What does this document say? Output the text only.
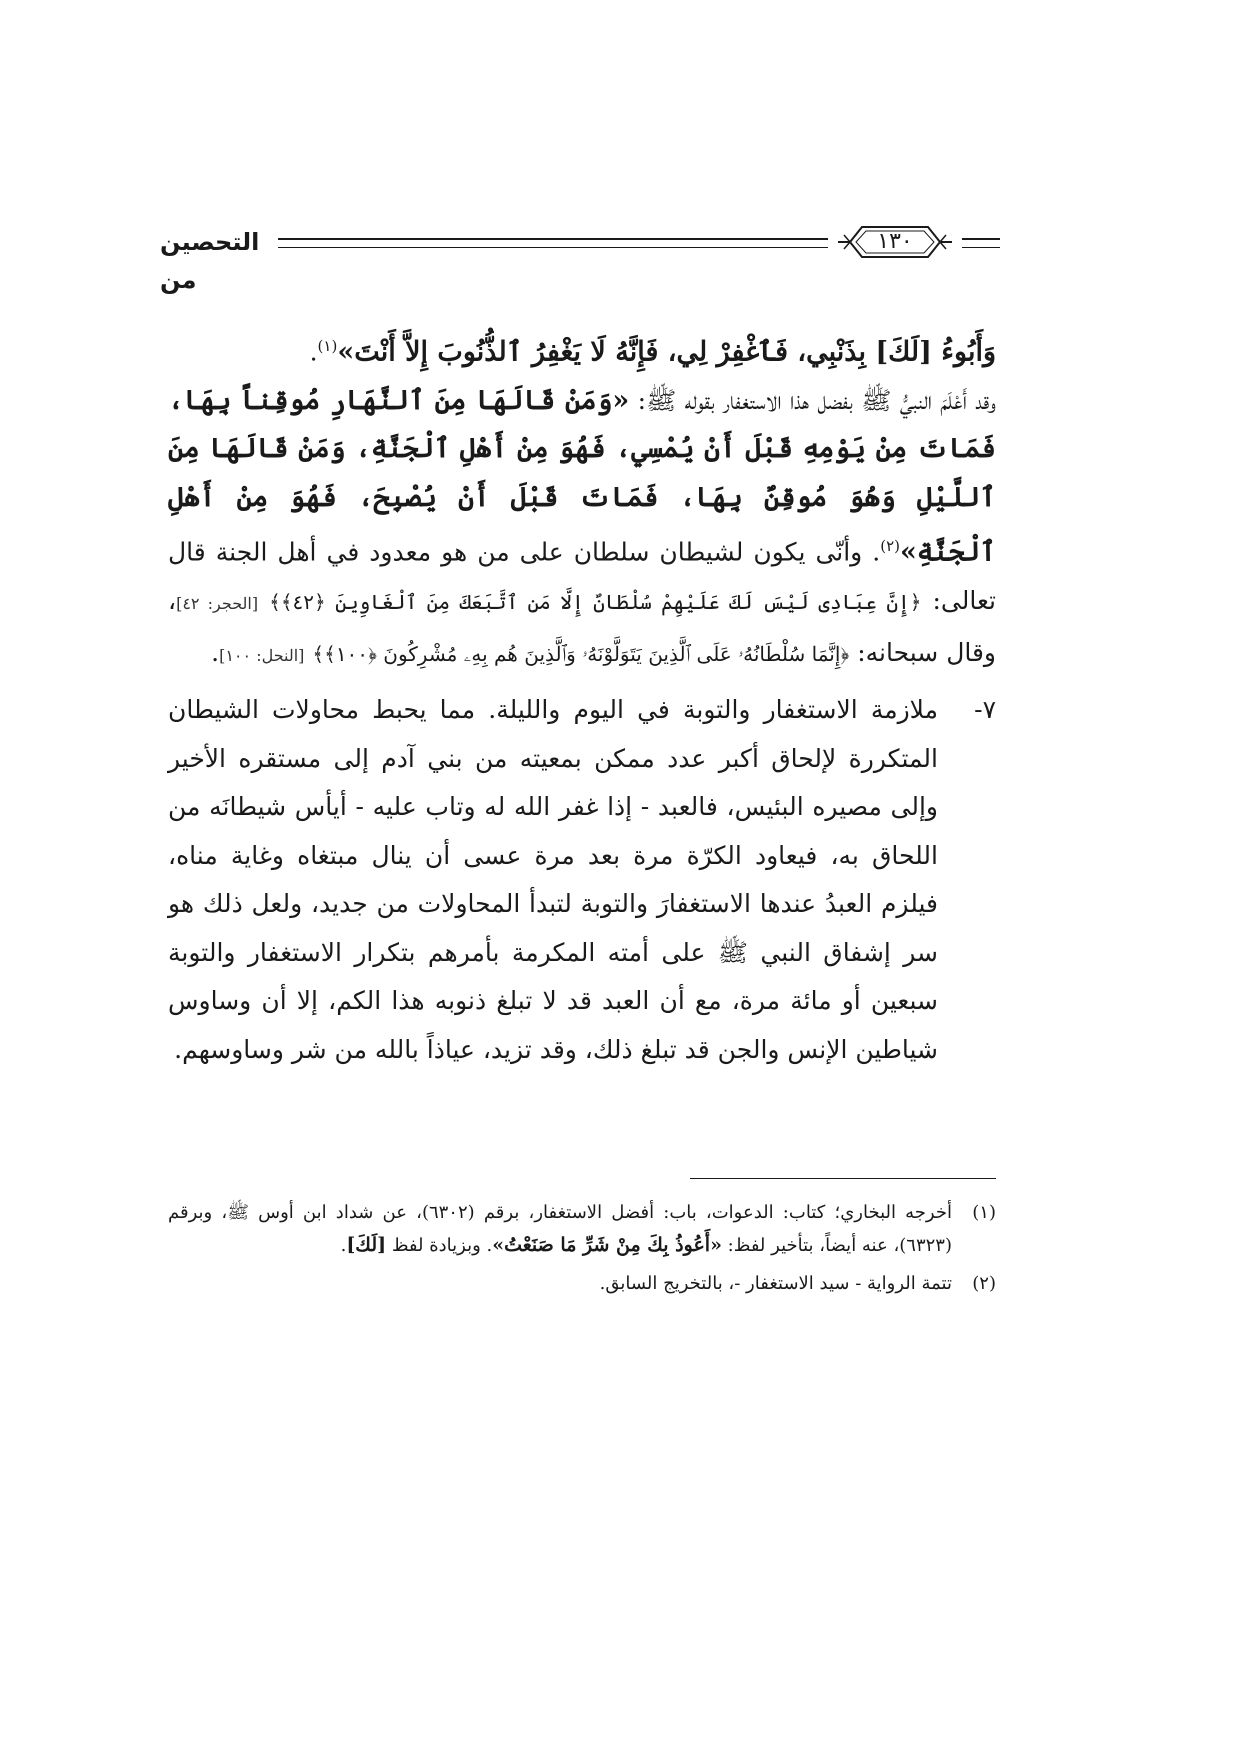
التحصين من
١٣٠

وَأَبُوءُ [لَكَ] بِذَنْبِي، فَٱغْفِرْ لِي، فَإِنَّهُ لَا يَغْفِرُ ٱلذُّنُوبَ إِلاَّ أَنْتَ»$^{(١)}$.

وقد أَعْلَمَ النبيُّ ﷺ بفضل هذا الاستغفار بقوله ﷺ: «وَمَنْ قَالَهَا مِنَ ٱلنَّهَارِ مُوقِناً بِهَا، فَمَاتَ مِنْ يَوْمِهِ قَبْلَ أَنْ يُمْسِي، فَهُوَ مِنْ أَهْلِ ٱلْجَنَّةِ، وَمَنْ قَالَهَا مِنَ ٱللَّيْلِ وَهُوَ مُوقِنٌ بِهَا، فَمَاتَ قَبْلَ أَنْ يُصْبِحَ، فَهُوَ مِنْ أَهْلِ ٱلْجَنَّةِ»$^{(٢)}$. وأنّى يكون لشيطان سلطان على من هو معدود في أهل الجنة قال تعالى: ﴿إِنَّ عِبَادِى لَيْسَ لَكَ عَلَيْهِمْ سُلْطَانٌ إِلَّا مَنِ ٱتَّبَعَكَ مِنَ ٱلْغَاوِينَ ﴿٤٢﴾﴾ [الحجر: ٤٢]، وقال سبحانه: ﴿إِنَّمَا سُلْطَانُهُۥ عَلَى ٱلَّذِينَ يَتَوَلَّوْنَهُۥ وَٱلَّذِينَ هُم بِهِۦ مُشْرِكُونَ ﴿١٠٠﴾﴾ [النحل: ١٠٠].

٧-
ملازمة الاستغفار والتوبة في اليوم والليلة. مما يحبط محاولات الشيطان المتكررة لإلحاق أكبر عدد ممكن بمعيته من بني آدم إلى مستقره الأخير وإلى مصيره البئيس، فالعبد - إذا غفر الله له وتاب عليه - أيأس شيطانَه من اللحاق به، فيعاود الكرّة مرة بعد مرة عسى أن ينال مبتغاه وغاية مناه، فيلزم العبدُ عندها الاستغفارَ والتوبة لتبدأ المحاولات من جديد، ولعل ذلك هو سر إشفاق النبي ﷺ على أمته المكرمة بأمرهم بتكرار الاستغفار والتوبة سبعين أو مائة مرة، مع أن العبد قد لا تبلغ ذنوبه هذا الكم، إلا أن وساوس شياطين الإنس والجن قد تبلغ ذلك، وقد تزيد، عياذاً بالله من شر وساوسهم.
(١)
أخرجه البخاري؛ كتاب: الدعوات، باب: أفضل الاستغفار، برقم (٦٣٠٢)، عن شداد ابن أوس ﷺ، وبرقم (٦٣٢٣)، عنه أيضاً، بتأخير لفظ: «أَعُوذُ بِكَ مِنْ شَرِّ مَا صَنَعْتُ». وبزيادة لفظ [لَكَ].
(٢)
تتمة الرواية - سيد الاستغفار -، بالتخريج السابق.
